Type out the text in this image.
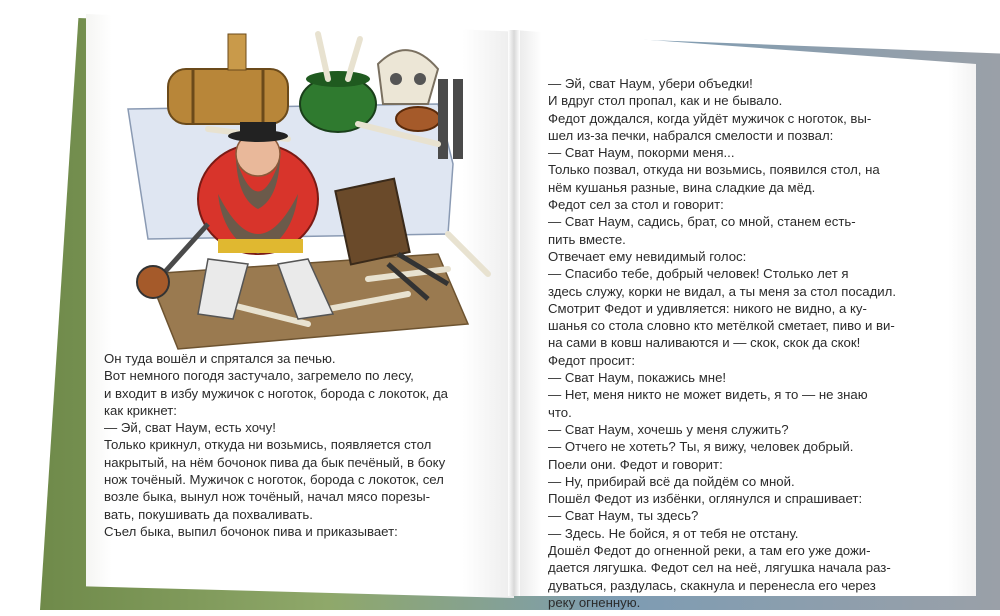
Он туда вошёл и спрятался за печью.

Вот немного погодя застучало, загремело по лесу,

и входит в избу мужичок с ноготок, борода с локоток, да

как крикнет:

— Эй, сват Наум, есть хочу!

Только крикнул, откуда ни возьмись, появляется стол

накрытый, на нём бочонок пива да бык печёный, в боку

нож точёный. Мужичок с ноготок, борода с локоток, сел

возле быка, вынул нож точёный, начал мясо порезы-

вать, покушивать да похваливать.

Съел быка, выпил бочонок пива и приказывает:

— Эй, сват Наум, убери объедки!

И вдруг стол пропал, как и не бывало.

Федот дождался, когда уйдёт мужичок с ноготок, вы-

шел из-за печки, набрался смелости и позвал:

— Сват Наум, покорми меня...

Только позвал, откуда ни возьмись, появился стол, на

нём кушанья разные, вина сладкие да мёд.

Федот сел за стол и говорит:

— Сват Наум, садись, брат, со мной, станем есть-

пить вместе.

Отвечает ему невидимый голос:

— Спасибо тебе, добрый человек! Столько лет я

здесь служу, корки не видал, а ты меня за стол посадил.

Смотрит Федот и удивляется: никого не видно, а ку-

шанья со стола словно кто метёлкой сметает, пиво и ви-

на сами в ковш наливаются и — скок, скок да скок!

Федот просит:

— Сват Наум, покажись мне!

— Нет, меня никто не может видеть, я то — не знаю

что.

— Сват Наум, хочешь у меня служить?

— Отчего не хотеть? Ты, я вижу, человек добрый.

Поели они. Федот и говорит:

— Ну, прибирай всё да пойдём со мной.

Пошёл Федот из избёнки, оглянулся и спрашивает:

— Сват Наум, ты здесь?

— Здесь. Не бойся, я от тебя не отстану.

Дошёл Федот до огненной реки, а там его уже дожи-

дается лягушка. Федот сел на неё, лягушка начала раз-

дуваться, раздулась, скакнула и перенесла его через

реку огненную.
